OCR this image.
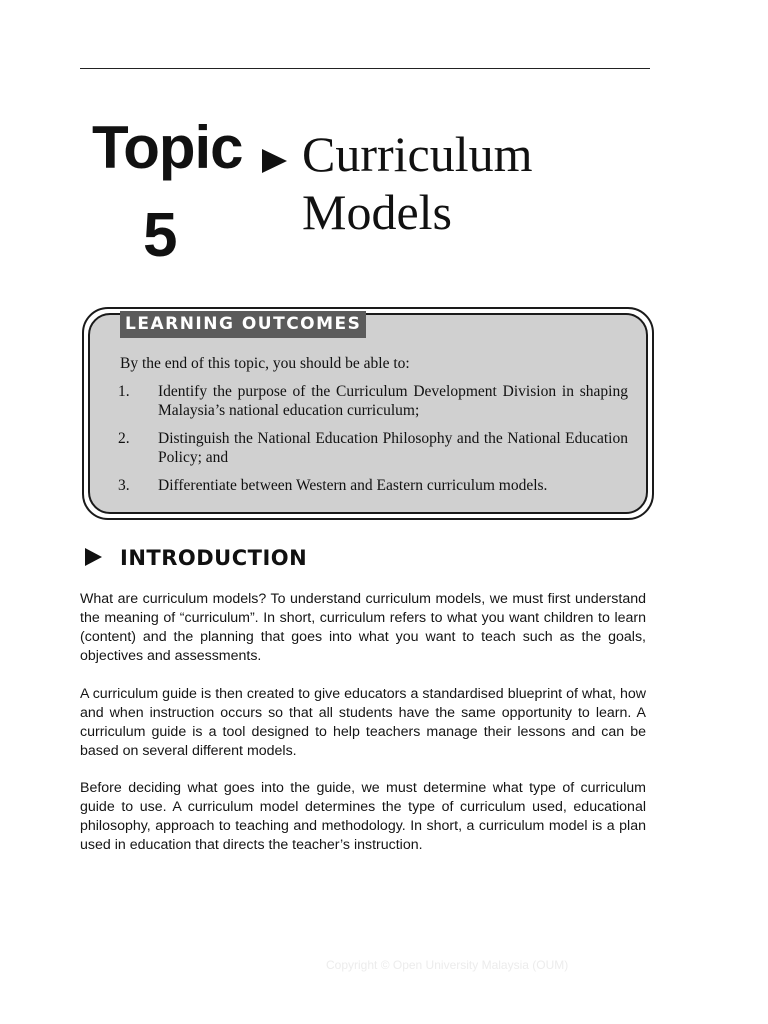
Topic
5
Curriculum
Models
LEARNING OUTCOMES
By the end of this topic, you should be able to:
1. Identify the purpose of the Curriculum Development Division in shaping Malaysia’s national education curriculum;
2. Distinguish the National Education Philosophy and the National Education Policy; and
3. Differentiate between Western and Eastern curriculum models.
INTRODUCTION

What are curriculum models? To understand curriculum models, we must first understand the meaning of “curriculum”. In short, curriculum refers to what you want children to learn (content) and the planning that goes into what you want to teach such as the goals, objectives and assessments.

A curriculum guide is then created to give educators a standardised blueprint of what, how and when instruction occurs so that all students have the same opportunity to learn. A curriculum guide is a tool designed to help teachers manage their lessons and can be based on several different models.

Before deciding what goes into the guide, we must determine what type of curriculum guide to use. A curriculum model determines the type of curriculum used, educational philosophy, approach to teaching and methodology. In short, a curriculum model is a plan used in education that directs the teacher’s instruction.

Copyright © Open University Malaysia (OUM)
